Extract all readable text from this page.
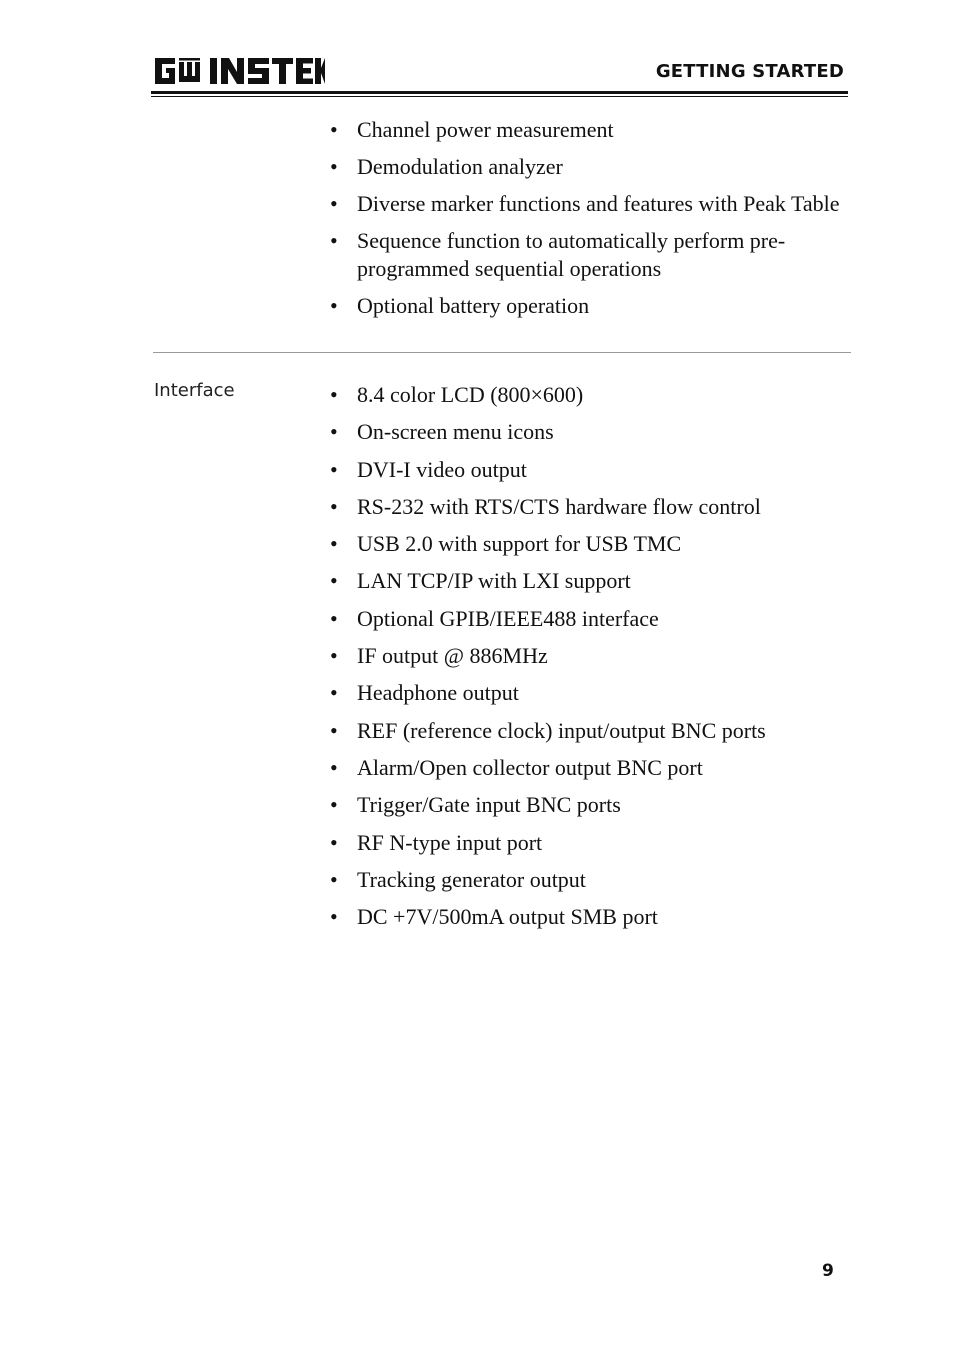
GETTING STARTED
• Channel power measurement
• Demodulation analyzer
• Diverse marker functions and features with Peak Table
• Sequence function to automatically perform pre-programmed sequential operations
• Optional battery operation
Interface
•	8.4 color LCD (800×600)
• On-screen menu icons
• DVI-I video output
• RS-232 with RTS/CTS hardware flow control
• USB 2.0 with support for USB TMC
• LAN TCP/IP with LXI support
• Optional GPIB/IEEE488 interface
• IF output @ 886MHz
• Headphone output
• REF (reference clock) input/output BNC ports
• Alarm/Open collector output BNC port
• Trigger/Gate input BNC ports
• RF N-type input port
• Tracking generator output
• DC +7V/500mA output SMB port
9
